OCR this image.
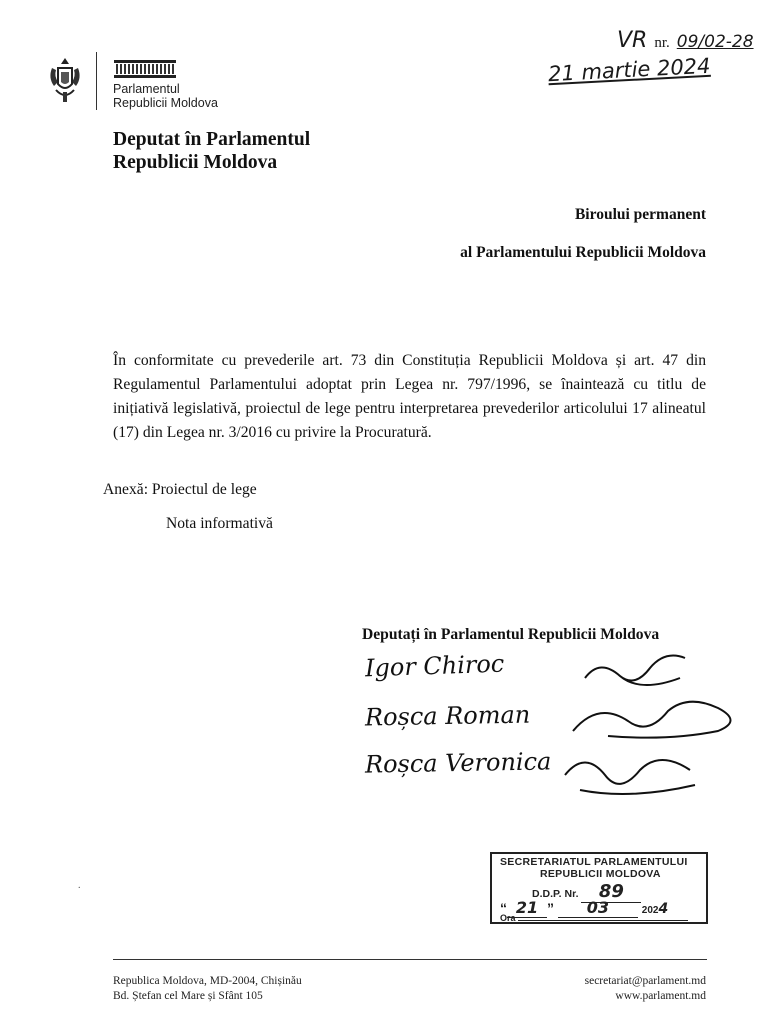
Parlamentul
Republicii Moldova
VR nr. 09/02-28
21 martie 2024
Deputat în Parlamentul
Republicii Moldova
Biroului permanent
al Parlamentului Republicii Moldova

În conformitate cu prevederile art. 73 din Constituția Republicii Moldova și art. 47 din Regulamentul Parlamentului adoptat prin Legea nr. 797/1996, se înaintează cu titlu de inițiativă legislativă, proiectul de lege pentru interpretarea prevederilor articolului 17 alineatul (17) din Legea nr. 3/2016 cu privire la Procuratură.

Anexă: Proiectul de lege
Nota informativă
Deputați în Parlamentul Republicii Moldova
Igor Chiroc
Roșca Roman
Roșca Veronica
SECRETARIATUL PARLAMENTULUI
REPUBLICII MOLDOVA
D.D.P. Nr. 89
“ 21 ” 03	2024
Ora
.
Republica Moldova, MD-2004, Chișinău
Bd. Ștefan cel Mare și Sfânt 105
secretariat@parlament.md
www.parlament.md
